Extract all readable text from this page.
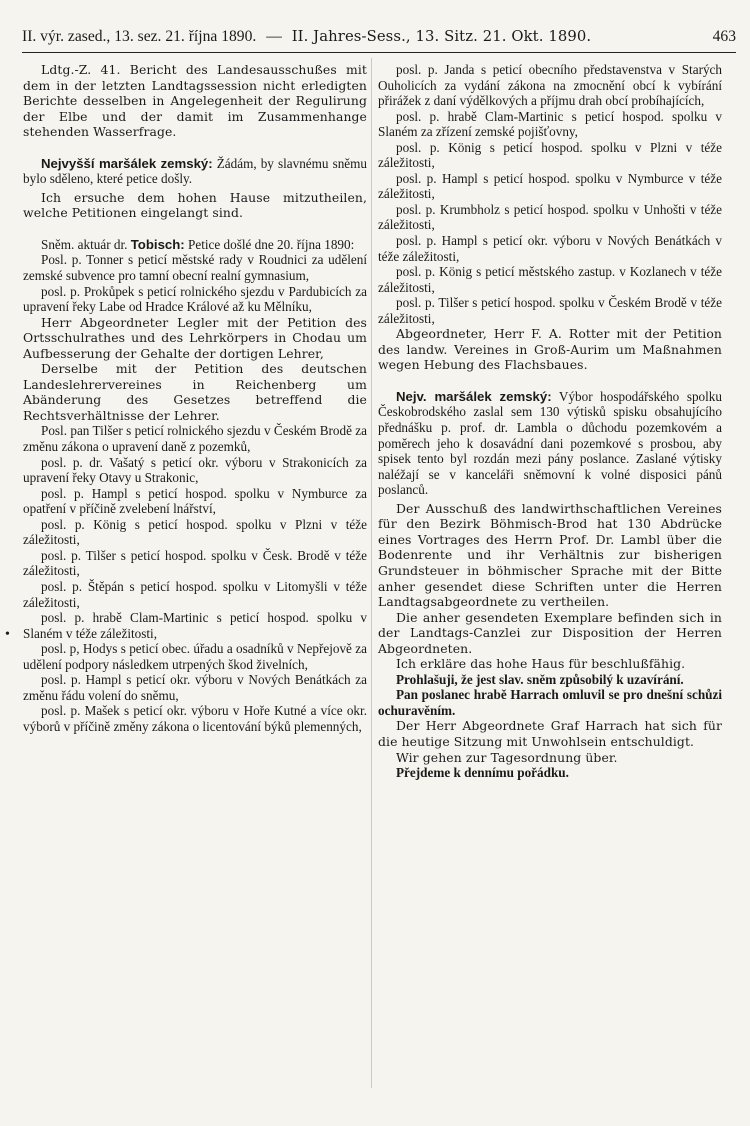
II. výr. zased., 13. sez. 21. října 1890. — II. Jahres-Sess., 13. Sitz. 21. Okt. 1890.	463
•

Ldtg.-Z. 41. Bericht des Landesausschußes mit dem in der letzten Landtagssession nicht erledigten Berichte desselben in Angelegenheit der Regulirung der Elbe und der damit im Zusammenhange stehenden Wasserfrage.

Nejvyšší maršálek zemský: Žádám, by slavnému sněmu bylo sděleno, které petice došly.

Ich ersuche dem hohen Hause mitzutheilen, welche Petitionen eingelangt sind.

Sněm. aktuár dr. Tobisch: Petice došlé dne 20. října 1890:

Posl. p. Tonner s peticí městské rady v Roudnici za udělení zemské subvence pro tamní obecní realní gymnasium,

posl. p. Prokůpek s peticí rolnického sjezdu v Pardubicích za upravení řeky Labe od Hradce Králové až ku Mělníku,

Herr Abgeordneter Legler mit der Petition des Ortsschulrathes und des Lehrkörpers in Chodau um Aufbesserung der Gehalte der dortigen Lehrer,

Derselbe mit der Petition des deutschen Landeslehrervereines in Reichenberg um Abänderung des Gesetzes betreffend die Rechtsverhältnisse der Lehrer.

Posl. pan Tilšer s peticí rolnického sjezdu v Českém Brodě za změnu zákona o upravení daně z pozemků,

posl. p. dr. Vašatý s peticí okr. výboru v Strakonicích za upravení řeky Otavy u Strakonic,

posl. p. Hampl s peticí hospod. spolku v Nymburce za opatření v příčině zvelebení lnářství,

posl. p. König s peticí hospod. spolku v Plzni v téže záležitosti,

posl. p. Tilšer s peticí hospod. spolku v Česk. Brodě v téže záležitosti,

posl. p. Štěpán s peticí hospod. spolku v Litomyšli v téže záležitosti,

posl. p. hrabě Clam-Martinic s peticí hospod. spolku v Slaném v téže záležitosti,

posl. p, Hodys s peticí obec. úřadu a osadníků v Nepřejově za udělení podpory následkem utrpených škod živelních,

posl. p. Hampl s peticí okr. výboru v Nových Benátkách za změnu řádu volení do sněmu,

posl. p. Mašek s peticí okr. výboru v Hoře Kutné a více okr. výborů v příčině změny zákona o licentování býků plemenných,

posl. p. Janda s peticí obecního představenstva v Starých Ouholicích za vydání zákona na zmocnění obcí k vybírání přirážek z daní výdělkových a příjmu drah obcí probíhajících,

posl. p. hrabě Clam-Martinic s peticí hospod. spolku v Slaném za zřízení zemské pojišťovny,

posl. p. König s peticí hospod. spolku v Plzni v téže záležitosti,

posl. p. Hampl s peticí hospod. spolku v Nymburce v téže záležitosti,

posl. p. Krumbholz s peticí hospod. spolku v Unhošti v téže záležitosti,

posl. p. Hampl s peticí okr. výboru v Nových Benátkách v téže záležitosti,

posl. p. König s peticí městského zastup. v Kozlanech v téže záležitosti,

posl. p. Tilšer s peticí hospod. spolku v Českém Brodě v téže záležitosti,

Abgeordneter, Herr F. A. Rotter mit der Petition des landw. Vereines in Groß-Aurim um Maßnahmen wegen Hebung des Flachsbaues.

Nejv. maršálek zemský: Výbor hospodářského spolku Českobrodského zaslal sem 130 výtisků spisku obsahujícího přednášku p. prof. dr. Lambla o důchodu pozemkovém a poměrech jeho k dosavádní dani pozemkové s prosbou, aby spisek tento byl rozdán mezi pány poslance. Zaslané výtisky naléžají se v kanceláři sněmovní k volné disposici pánů poslanců.

Der Ausschuß des landwirthschaftlichen Vereines für den Bezirk Böhmisch-Brod hat 130 Abdrücke eines Vortrages des Herrn Prof. Dr. Lambl über die Bodenrente und ihr Verhältnis zur bisherigen Grundsteuer in böhmischer Sprache mit der Bitte anher gesendet diese Schriften unter die Herren Landtagsabgeordnete zu vertheilen.

Die anher gesendeten Exemplare befinden sich in der Landtags-Canzlei zur Disposition der Herren Abgeordneten.

Ich erkläre das hohe Haus für beschlußfähig.

Prohlašuji, že jest slav. sněm způsobilý k uzavírání.

Pan poslanec hrabě Harrach omluvil se pro dnešní schůzi ochuravěním.

Der Herr Abgeordnete Graf Harrach hat sich für die heutige Sitzung mit Unwohlsein entschuldigt.

Wir gehen zur Tagesordnung über.

Přejdeme k dennímu pořádku.
